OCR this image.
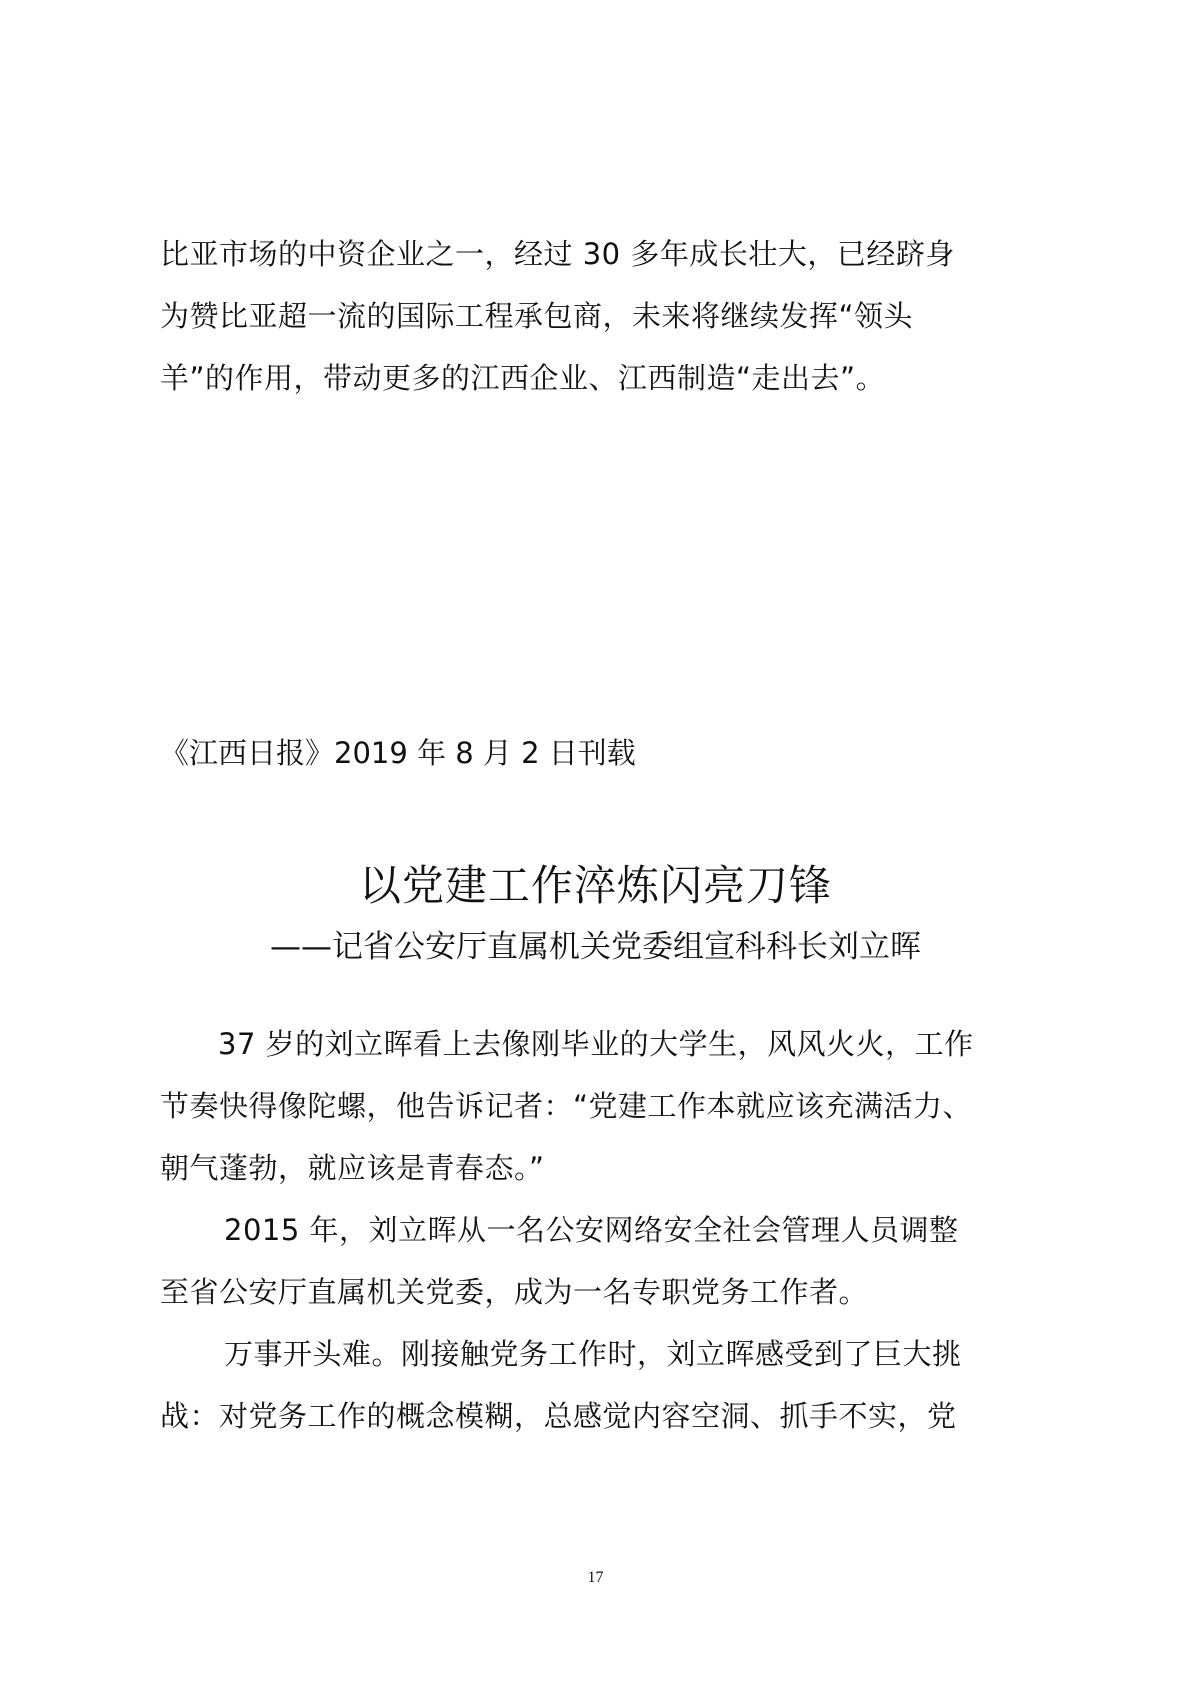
比亚市场的中资企业之一，经过 30 多年成长壮大，已经跻身
为赞比亚超一流的国际工程承包商，未来将继续发挥“领头
羊”的作用，带动更多的江西企业、江西制造“走出去”。
《江西日报》2019 年 8 月 2 日刊载
以党建工作淬炼闪亮刀锋
——记省公安厅直属机关党委组宣科科长刘立晖
37 岁的刘立晖看上去像刚毕业的大学生，风风火火，工作
节奏快得像陀螺，他告诉记者：“党建工作本就应该充满活力、
朝气蓬勃，就应该是青春态。”
2015 年，刘立晖从一名公安网络安全社会管理人员调整
至省公安厅直属机关党委，成为一名专职党务工作者。
万事开头难。刚接触党务工作时，刘立晖感受到了巨大挑
战：对党务工作的概念模糊，总感觉内容空洞、抓手不实，党
17
